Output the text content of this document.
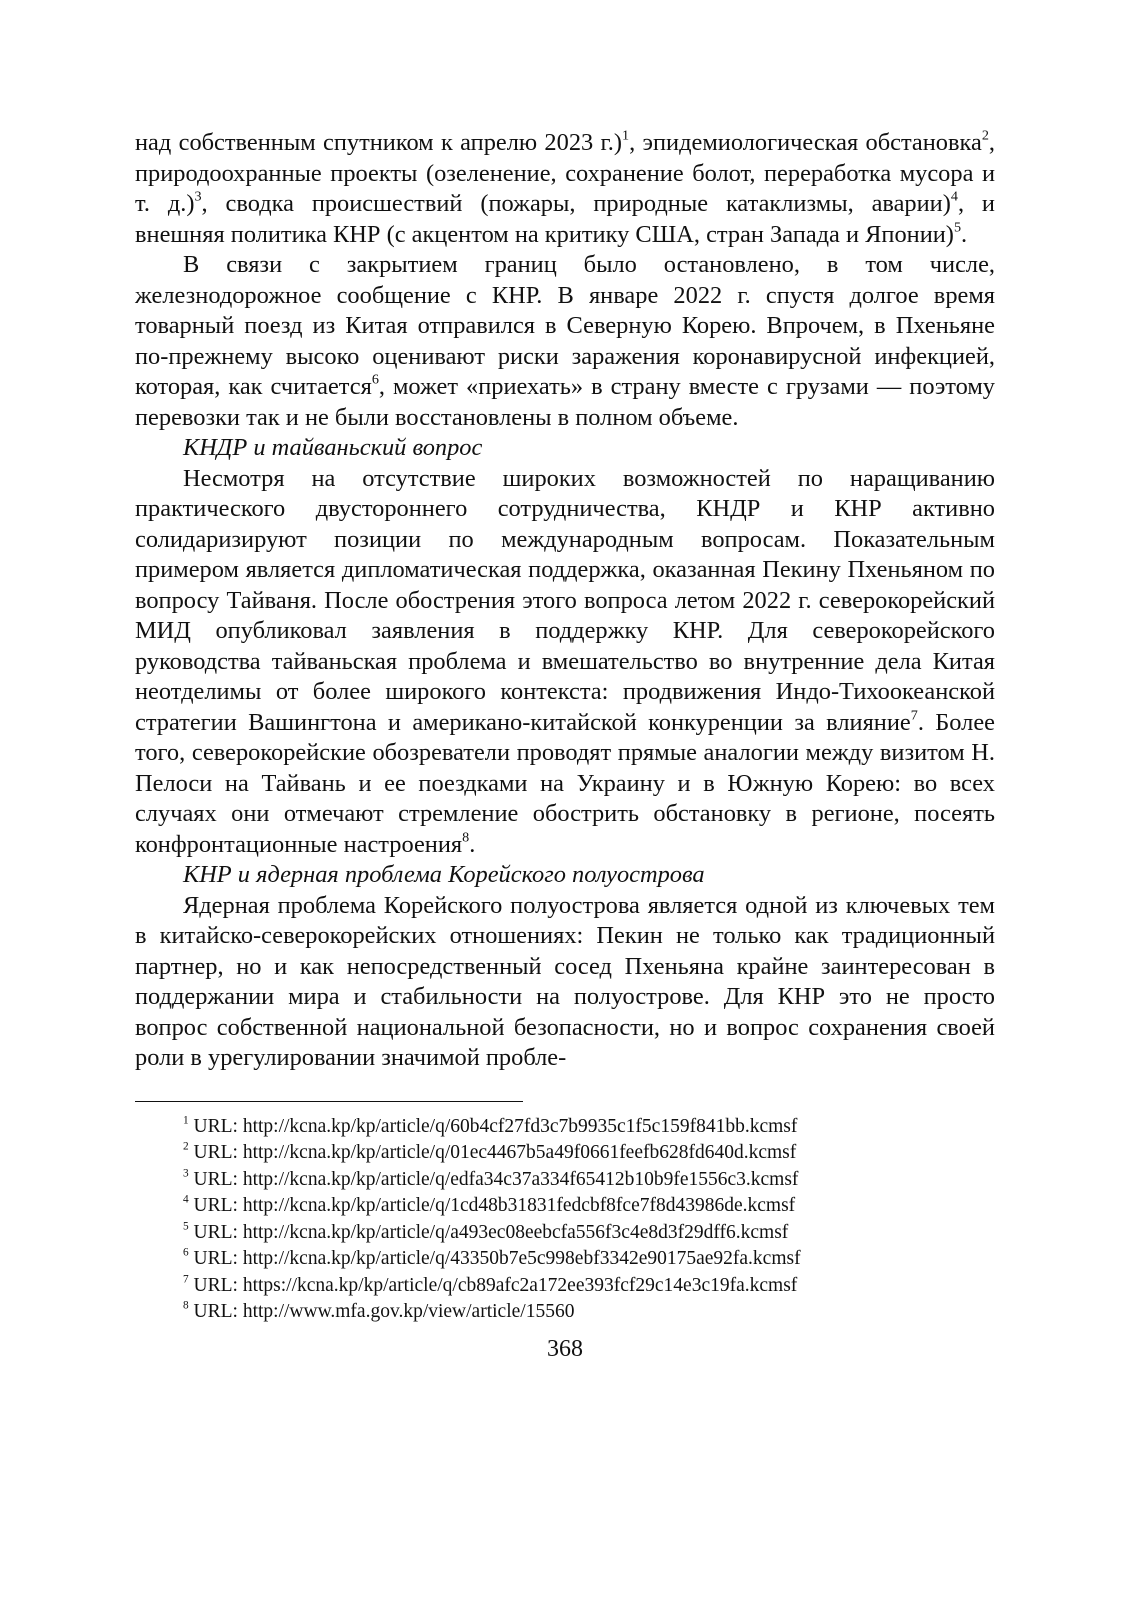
над собственным спутником к апрелю 2023 г.)$^1$, эпидемиологическая обстановка$^2$, природоохранные проекты (озеленение, сохранение болот, переработка мусора и т. д.)$^3$, сводка происшествий (пожары, природные катаклизмы, аварии)$^4$, и внешняя политика КНР (с акцентом на критику США, стран Запада и Японии)$^5$.

В связи с закрытием границ было остановлено, в том числе, железнодорожное сообщение с КНР. В январе 2022 г. спустя долгое время товарный поезд из Китая отправился в Северную Корею. Впрочем, в Пхеньяне по-прежнему высоко оценивают риски заражения коронавирусной инфекцией, которая, как считается$^6$, может «приехать» в страну вместе с грузами — поэтому перевозки так и не были восстановлены в полном объеме.

КНДР и тайваньский вопрос

Несмотря на отсутствие широких возможностей по наращиванию практического двустороннего сотрудничества, КНДР и КНР активно солидаризируют позиции по международным вопросам. Показательным примером является дипломатическая поддержка, оказанная Пекину Пхеньяном по вопросу Тайваня. После обострения этого вопроса летом 2022 г. северокорейский МИД опубликовал заявления в поддержку КНР. Для северокорейского руководства тайваньская проблема и вмешательство во внутренние дела Китая неотделимы от более широкого контекста: продвижения Индо-Тихоокеанской стратегии Вашингтона и американо-китайской конкуренции за влияние$^7$. Более того, северокорейские обозреватели проводят прямые аналогии между визитом Н. Пелоси на Тайвань и ее поездками на Украину и в Южную Корею: во всех случаях они отмечают стремление обострить обстановку в регионе, посеять конфронтационные настроения$^8$.

КНР и ядерная проблема Корейского полуострова

Ядерная проблема Корейского полуострова является одной из ключевых тем в китайско-северокорейских отношениях: Пекин не только как традиционный партнер, но и как непосредственный сосед Пхеньяна крайне заинтересован в поддержании мира и стабильности на полуострове. Для КНР это не просто вопрос собственной национальной безопасности, но и вопрос сохранения своей роли в урегулировании значимой пробле-

$^1$ URL: http://kcna.kp/kp/article/q/60b4cf27fd3c7b9935c1f5c159f841bb.kcmsf
$^2$ URL: http://kcna.kp/kp/article/q/01ec4467b5a49f0661feefb628fd640d.kcmsf
$^3$ URL: http://kcna.kp/kp/article/q/edfa34c37a334f65412b10b9fe1556c3.kcmsf
$^4$ URL: http://kcna.kp/kp/article/q/1cd48b31831fedcbf8fce7f8d43986de.kcmsf
$^5$ URL: http://kcna.kp/kp/article/q/a493ec08eebcfa556f3c4e8d3f29dff6.kcmsf
$^6$ URL: http://kcna.kp/kp/article/q/43350b7e5c998ebf3342e90175ae92fa.kcmsf
$^7$ URL: https://kcna.kp/kp/article/q/cb89afc2a172ee393fcf29c14e3c19fa.kcmsf
$^8$ URL: http://www.mfa.gov.kp/view/article/15560
368
